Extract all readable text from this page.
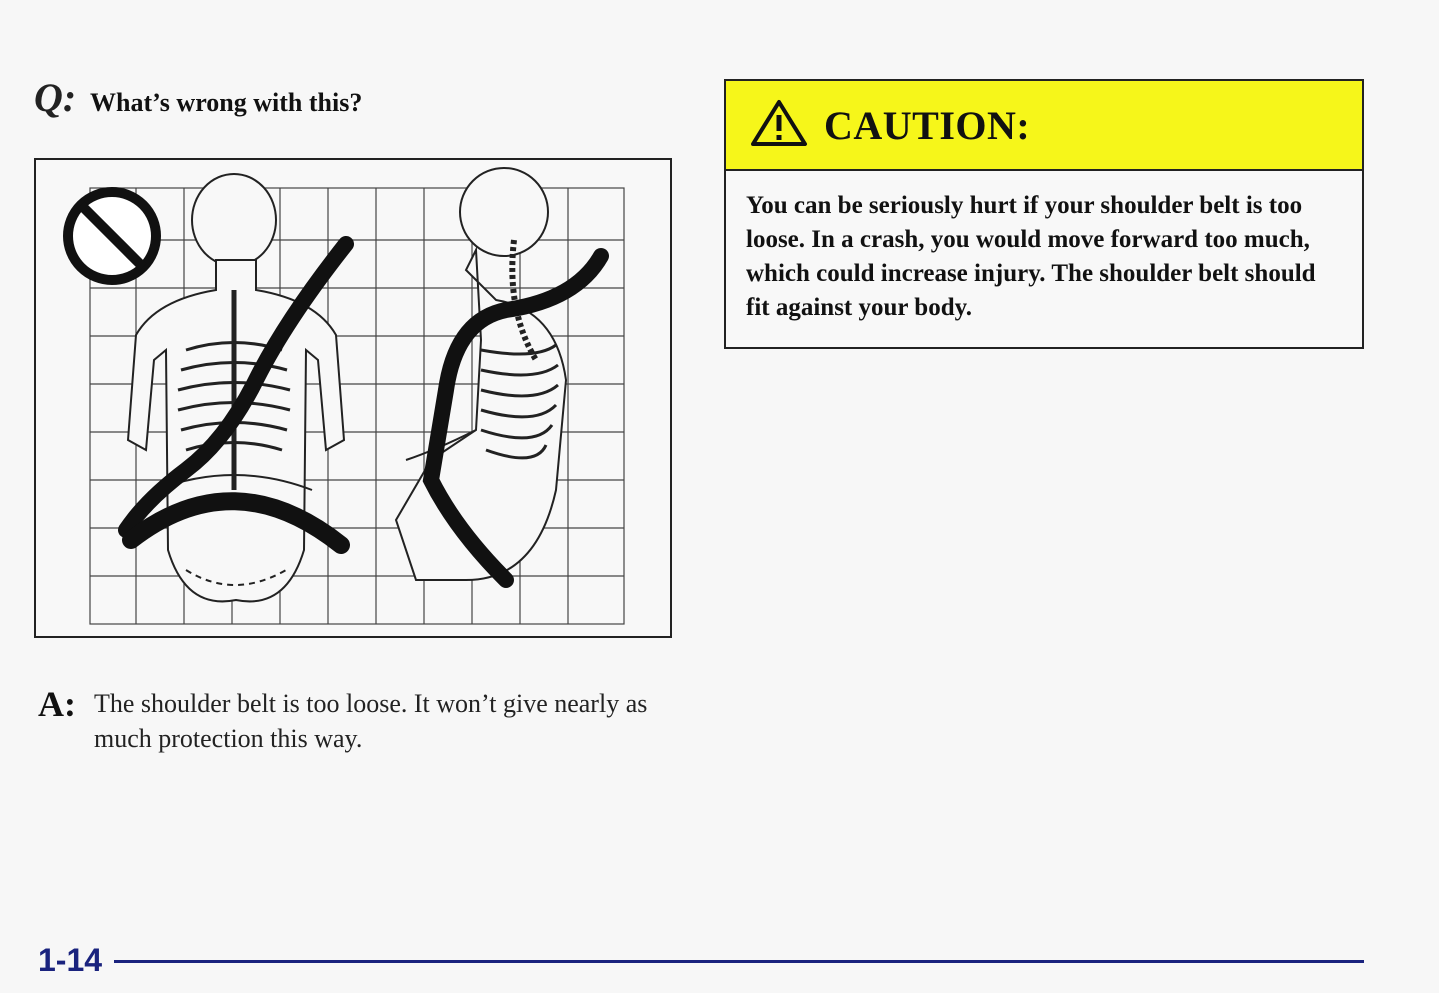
Q: What’s wrong with this?
A: The shoulder belt is too loose. It won’t give nearly as much protection this way.
CAUTION:
You can be seriously hurt if your shoulder belt is too loose. In a crash, you would move forward too much, which could increase injury. The shoulder belt should fit against your body.
1-14
